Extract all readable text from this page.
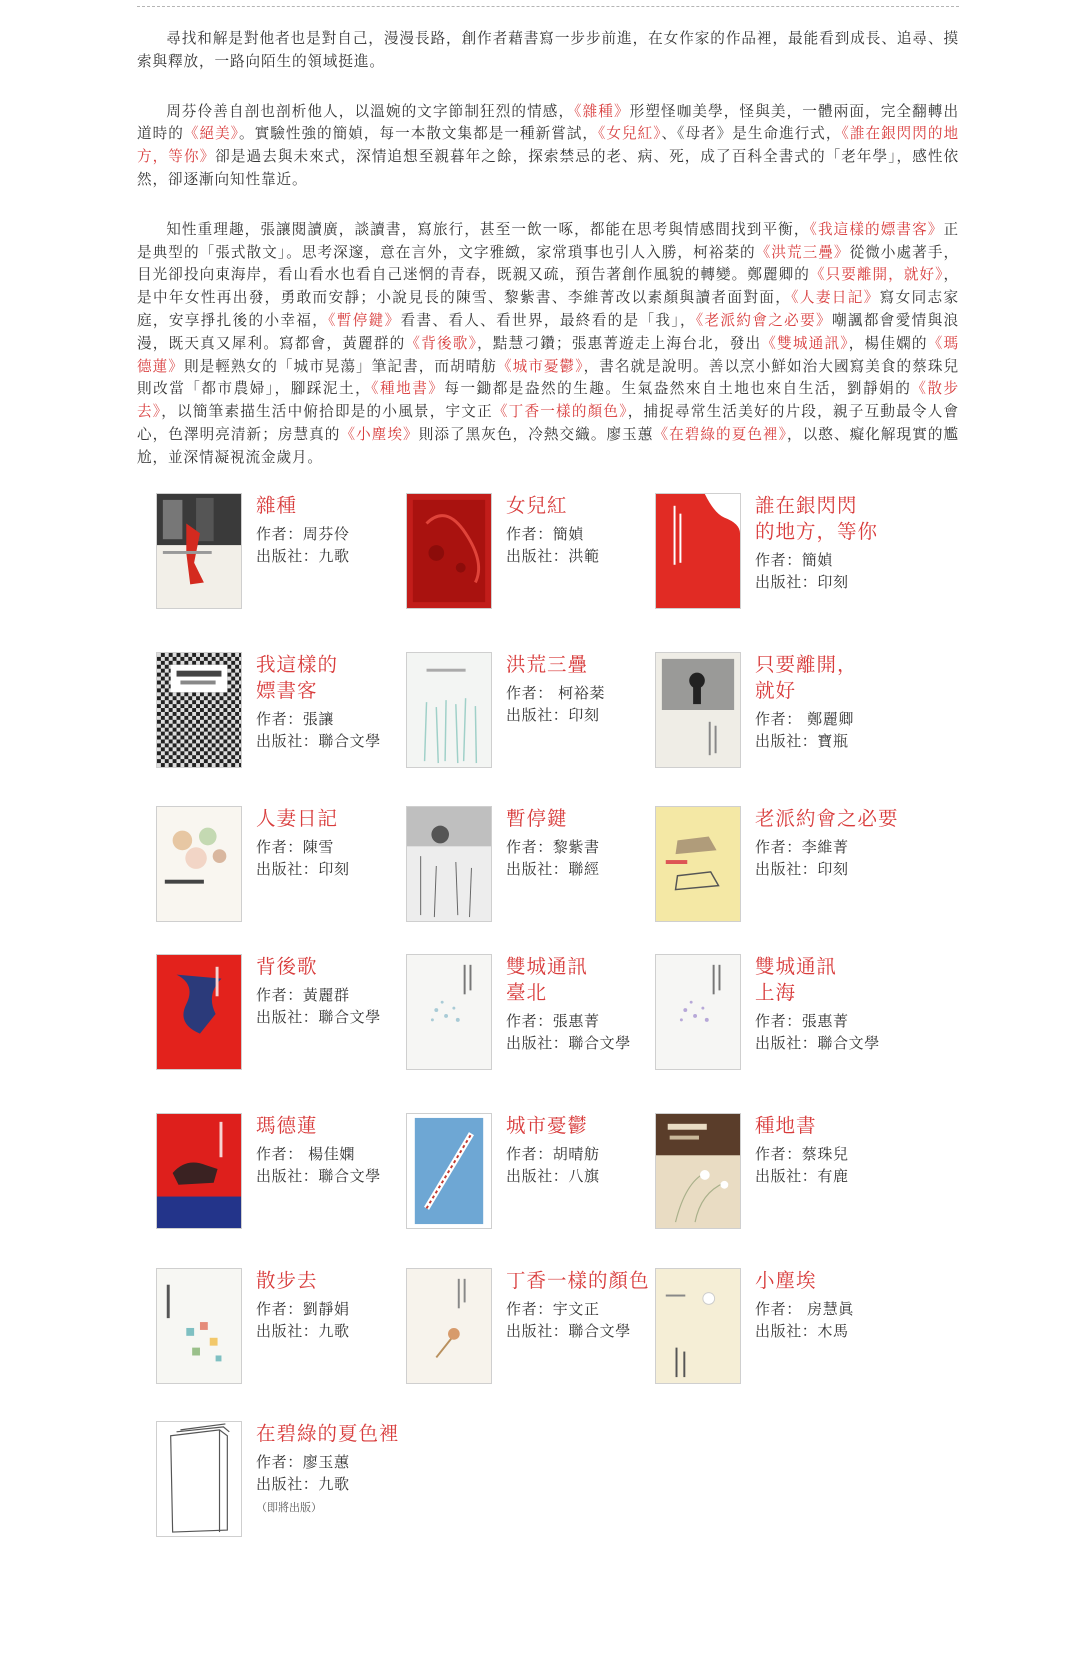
尋找和解是對他者也是對自己，漫漫長路，創作者藉書寫一步步前進，在女作家的作品裡，最能看到成長、追尋、摸索與釋放，一路向陌生的領域挺進。

周芬伶善自剖也剖析他人，以溫婉的文字節制狂烈的情感，《雜種》形塑怪咖美學，怪與美，一體兩面，完全翻轉出道時的《絕美》。實驗性強的簡媜，每一本散文集都是一種新嘗試，《女兒紅》、《母者》是生命進行式，《誰在銀閃閃的地方，等你》卻是過去與未來式，深情追想至親暮年之餘，探索禁忌的老、病、死，成了百科全書式的「老年學」，感性依然，卻逐漸向知性靠近。

知性重理趣，張讓閱讀廣，談讀書，寫旅行，甚至一飲一啄，都能在思考與情感間找到平衡，《我這樣的嫖書客》正是典型的「張式散文」。思考深邃，意在言外，文字雅緻，家常瑣事也引人入勝，柯裕棻的《洪荒三疊》從微小處著手，目光卻投向東海岸，看山看水也看自己迷惘的青春，既親又疏，預告著創作風貌的轉變。鄭麗卿的《只要離開，就好》，是中年女性再出發，勇敢而安靜；小說見長的陳雪、黎紫書、李維菁改以素顏與讀者面對面，《人妻日記》寫女同志家庭，安享掙扎後的小幸福，《暫停鍵》看書、看人、看世界，最終看的是「我」，《老派約會之必要》嘲諷都會愛情與浪漫，既天真又犀利。寫都會，黃麗群的《背後歌》，黠慧刁鑽；張惠菁遊走上海台北，發出《雙城通訊》，楊佳嫻的《瑪德蓮》則是輕熟女的「城市晃蕩」筆記書，而胡晴舫《城市憂鬱》，書名就是說明。善以烹小鮮如治大國寫美食的蔡珠兒則改當「都市農婦」，腳踩泥土，《種地書》每一鋤都是盎然的生趣。生氣盎然來自土地也來自生活，劉靜娟的《散步去》，以簡筆素描生活中俯拾即是的小風景，宇文正《丁香一樣的顏色》，捕捉尋常生活美好的片段，親子互動最令人會心，色澤明亮清新；房慧真的《小塵埃》則添了黑灰色，冷熱交織。廖玉蕙《在碧綠的夏色裡》，以憨、癡化解現實的尷尬，並深情凝視流金歲月。

雜種
作者：周芬伶
出版社：九歌
女兒紅
作者：簡媜
出版社：洪範
誰在銀閃閃
的地方，等你
作者：簡媜
出版社：印刻
我這樣的
嫖書客
作者：張讓
出版社：聯合文學
洪荒三疊
作者： 柯裕棻
出版社：印刻
只要離開，
就好
作者： 鄭麗卿
出版社：寶瓶
人妻日記
作者：陳雪
出版社：印刻
暫停鍵
作者：黎紫書
出版社：聯經
老派約會之必要
作者：李維菁
出版社：印刻
背後歌
作者：黃麗群
出版社：聯合文學
雙城通訊
臺北
作者：張惠菁
出版社：聯合文學
雙城通訊
上海
作者：張惠菁
出版社：聯合文學
瑪德蓮
作者： 楊佳嫻
出版社：聯合文學
城市憂鬱
作者：胡晴舫
出版社：八旗
種地書
作者：蔡珠兒
出版社：有鹿
散步去
作者：劉靜娟
出版社：九歌
丁香一樣的顏色
作者：宇文正
出版社：聯合文學
小塵埃
作者： 房慧眞
出版社：木馬
在碧綠的夏色裡
作者：廖玉蕙
出版社：九歌
（即將出版）
